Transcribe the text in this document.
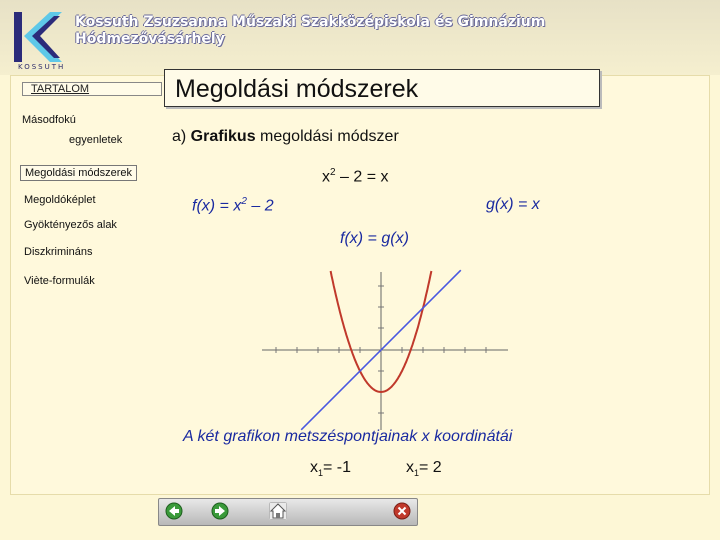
KOSSUTH
Kossuth Zsuzsanna Műszaki Szakközépiskola és Gimnázium
Hódmezővásárhely
TARTALOM
Másodfokú
egyenletek
Megoldási módszerek
Megoldóképlet
Gyöktényezős alak
Diszkrimináns
Viète-formulák
Megoldási módszerek
a) Grafikus megoldási módszer
$x^2 - 2 = x$
$f(x) = x^2 - 2$	g(x) = x
f(x) = g(x)
A két grafikon metszéspontjainak x koordinátái
$x_1= -1$	$x_1= 2$
